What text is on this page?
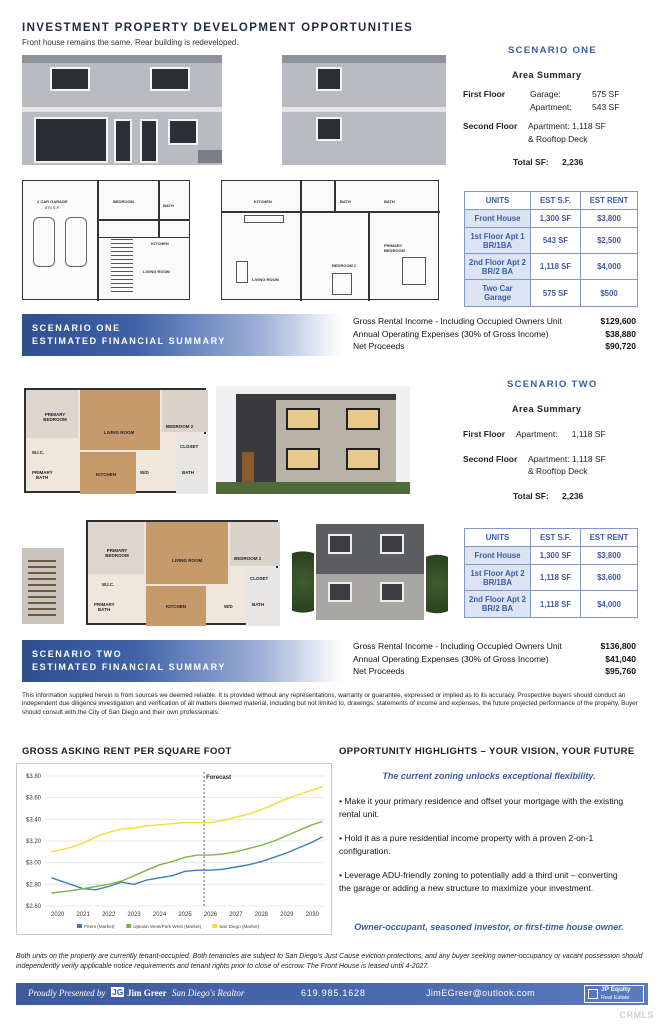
INVESTMENT PROPERTY DEVELOPMENT OPPORTUNITIES
Front house remains the same. Rear building is redeveloped.
SCENARIO ONE
Area Summary
First Floor	Garage:	575 SF
Apartment: 543 SF
Second Floor Apartment: 1,118 SF
& Rooftop Deck
Total SF: 2,236
2 CAR GARAGE
575 S.F.
BEDROOM
BATH
KITCHEN
LIVING ROOM
KITCHEN	BATH	BATH
LIVING ROOM
BEDROOM 2
PRIMARY BEDROOM
UNITS	EST S.F.	EST RENT
Front House	1,300 SF	$3,800
1st Floor Apt 1 BR/1BA	543 SF	$2,500
2nd Floor Apt 2 BR/2 BA	1,118 SF	$4,000
Two Car Garage	575 SF	$500
SCENARIO ONE
ESTIMATED FINANCIAL SUMMARY
Gross Rental Income - Including Occupied Owners Unit	$129,600
Annual Operating Expenses (30% of Gross Income)	$38,880
Net Proceeds	$90,720
PRIMARY BEDROOM
LIVING ROOM
BEDROOM 2
CLOSET
KITCHEN	W/D	BATH
PRIMARY BATH
W.I.C.
SCENARIO TWO
Area Summary
First Floor Apartment:      1,118 SF
Second Floor Apartment: 1,118 SF
& Rooftop Deck
Total SF: 2,236
PRIMARY BEDROOM
LIVING ROOM	BEDROOM 2
CLOSET
KITCHEN	W/D	BATH
PRIMARY BATH
W.I.C.
UNITS	EST S.F.	EST RENT
Front House	1,300 SF	$3,800
1st Floor Apt 2 BR/1BA	1,118 SF	$3,600
2nd Floor Apt 2 BR/2 BA	1,118 SF	$4,000
SCENARIO TWO
ESTIMATED FINANCIAL SUMMARY
Gross Rental Income - Including Occupied Owners Unit	$136,800
Annual Operating Expenses (30% of Gross Income)	$41,040
Net Proceeds	$95,760
This information supplied herein is from sources we deemed reliable. It is provided without any representations, warranty or guarantee, expressed or implied as to its accuracy. Prospective buyers should conduct an independent due diligence investigation and verification of all matters deemed material, including but not limited to, drawings, statements of income and expenses, the future projected performance of the property. Buyer should consult with the City of San Diego and their own professionals.
GROSS ASKING RENT PER SQUARE FOOT
$2.60
$2.80
$3.00
$3.20
$3.40
$3.60
$3.80
2020 2021 2022 2023 2024 2025 2026 2027 2028 2029 2030
Forecast
Peers (Market)	Uptown West/Park West (Market)	San Diego (Market)
OPPORTUNITY HIGHLIGHTS – YOUR VISION, YOUR FUTURE
The current zoning unlocks exceptional flexibility.
• Make it your primary residence and offset your mortgage with the existing rental unit.
• Hold it as a pure residential income property with a proven 2-on-1 configuration.
• Leverage ADU-friendly zoning to potentially add a third unit – converting the garage or adding a new structure to maximize your investment.
Owner-occupant, seasoned investor, or first-time house owner.
Both units on the property are currently tenant-occupied. Both tenancies are subject to San Diego's Just Cause eviction protections, and any buyer seeking owner-occupancy or vacant possession should independently verify applicable notice requirements and tenant rights prior to close of escrow. The Front House is leased until 4-2027.
Proudly Presented by JG Jim Greer San Diego's Realtor	619.985.1628	JimEGreer@outlook.com	JP Equity
Real Estate
CRMLS
